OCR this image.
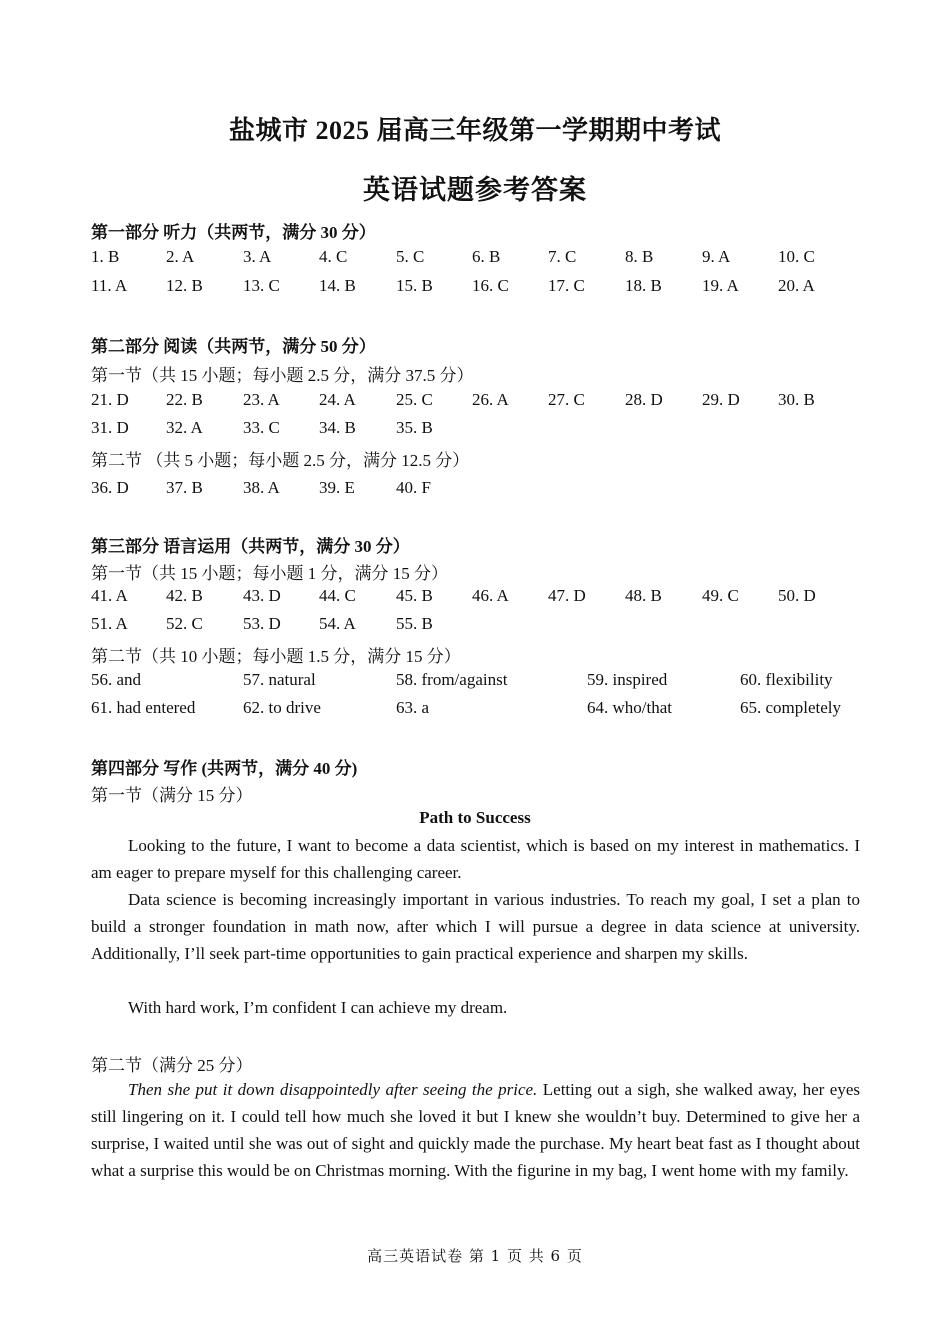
盐城市 2025 届高三年级第一学期期中考试
英语试题参考答案
第一部分 听力（共两节，满分 30 分）
1. B	2. A	3. A	4. C	5. C	6. B	7. C	8. B	9. A	10. C
11. A 12. B 13. C 14. B 15. B 16. C 17. C 18. B 19. A 20. A
第二部分 阅读（共两节，满分 50 分）
第一节（共 15 小题；每小题 2.5 分，满分 37.5 分）
21. D 22. B 23. A 24. A 25. C 26. A 27. C 28. D 29. D 30. B
31. D 32. A 33. C 34. B 35. B
第二节 （共 5 小题；每小题 2.5 分，满分 12.5 分）
36. D 37. B 38. A 39. E 40. F
第三部分 语言运用（共两节，满分 30 分）
第一节（共 15 小题；每小题 1 分，满分 15 分）
41. A 42. B 43. D 44. C 45. B 46. A 47. D 48. B 49. C 50. D
51. A 52. C 53. D 54. A 55. B
第二节（共 10 小题；每小题 1.5 分，满分 15 分）
56. and	57. natural	58. from/against	59. inspired	60. flexibility
61. had entered	62. to drive	63. a	64. who/that	65. completely
第四部分 写作 (共两节，满分 40 分)
第一节（满分 15 分）
Path to Success

Looking to the future, I want to become a data scientist, which is based on my interest in mathematics. I am eager to prepare myself for this challenging career.

Data science is becoming increasingly important in various industries. To reach my goal, I set a plan to build a stronger foundation in math now, after which I will pursue a degree in data science at university. Additionally, I’ll seek part-time opportunities to gain practical experience and sharpen my skills.

With hard work, I’m confident I can achieve my dream.

第二节（满分 25 分）

Then she put it down disappointedly after seeing the price. Letting out a sigh, she walked away, her eyes still lingering on it. I could tell how much she loved it but I knew she wouldn’t buy. Determined to give her a surprise, I waited until she was out of sight and quickly made the purchase. My heart beat fast as I thought about what a surprise this would be on Christmas morning. With the figurine in my bag, I went home with my family.

高三英语试卷 第 1 页 共 6 页
